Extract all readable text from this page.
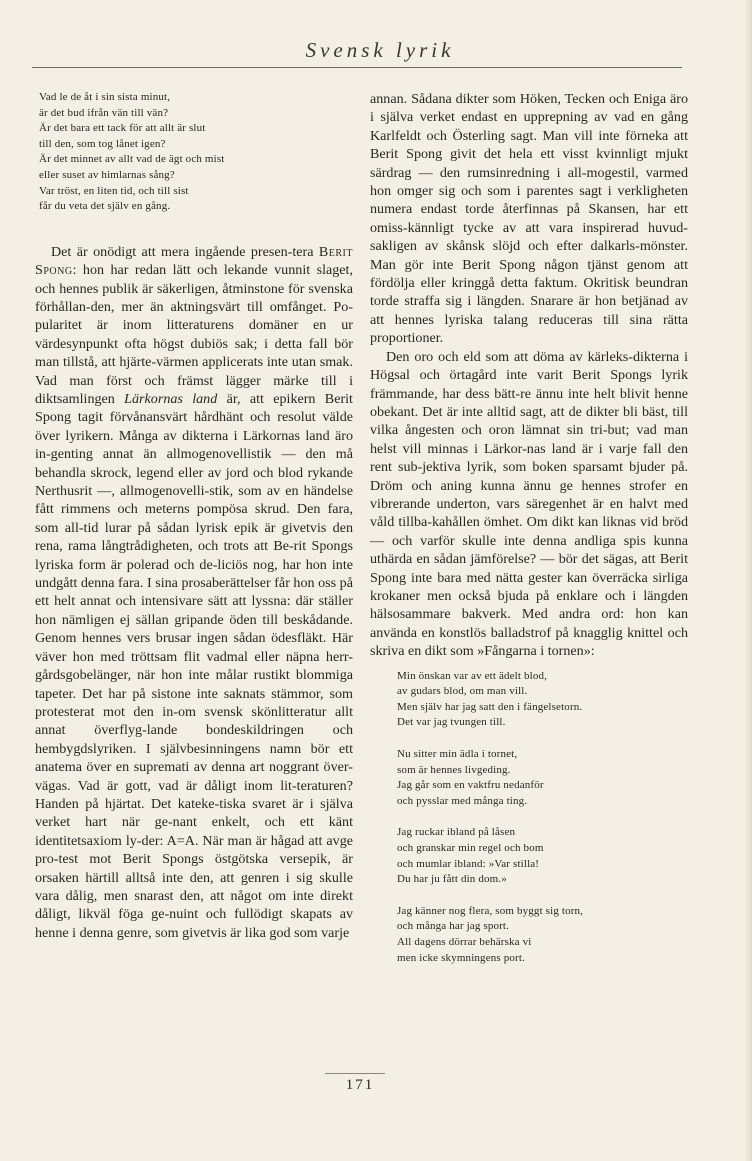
Svensk lyrik
Vad le de åt i sin sista minut,
är det bud ifrån vän till vän?
Är det bara ett tack för att allt är slut
till den, som tog lånet igen?
Är det minnet av allt vad de ägt och mist
eller suset av himlarnas sång?
Var tröst, en liten tid, och till sist
får du veta det själv en gång.

Det är onödigt att mera ingående presen-tera Berit Spong: hon har redan lätt och lekande vunnit slaget, och hennes publik är säkerligen, åtminstone för svenska förhållan-den, mer än aktningsvärt till omfånget. Po-pularitet är inom litteraturens domäner en ur värdesynpunkt ofta högst dubiös sak; i detta fall bör man tillstå, att hjärte-värmen applicerats inte utan smak. Vad man först och främst lägger märke till i diktsamlingen Lärkornas land är, att epikern Berit Spong tagit förvånansvärt hårdhänt och resolut välde över lyrikern. Många av dikterna i Lärkornas land äro in-genting annat än allmogenovellistik — den må behandla skrock, legend eller av jord och blod rykande Nerthusrit —, allmogenovelli-stik, som av en händelse fått rimmens och meterns pompösa skrud. Den fara, som all-tid lurar på sådan lyrisk epik är givetvis den rena, rama långtrådigheten, och trots att Be-rit Spongs lyriska form är polerad och de-liciös nog, har hon inte undgått denna fara. I sina prosaberättelser får hon oss på ett helt annat och intensivare sätt att lyssna: där ställer hon nämligen ej sällan gripande öden till beskådande. Genom hennes vers brusar ingen sådan ödesfläkt. Här väver hon med tröttsam flit vadmal eller näpna herr-gårdsgobelänger, när hon inte målar rustikt blommiga tapeter. Det har på sistone inte saknats stämmor, som protesterat mot den in-om svensk skönlitteratur allt annat överflyg-lande bondeskildringen och hembygdslyriken. I självbesinningens namn bör ett anatema över en supremati av denna art noggrant över-vägas. Vad är gott, vad är dåligt inom lit-teraturen? Handen på hjärtat. Det kateke-tiska svaret är i själva verket hart när ge-nant enkelt, och ett känt identitetsaxiom ly-der: A=A. När man är hågad att avge pro-test mot Berit Spongs östgötska versepik, är orsaken härtill alltså inte den, att genren i sig skulle vara dålig, men snarast den, att något om inte direkt dåligt, likväl föga ge-nuint och fullödigt skapats av henne i denna genre, som givetvis är lika god som varje

annan. Sådana dikter som Höken, Tecken och Eniga äro i själva verket endast en upprepning av vad en gång Karlfeldt och Österling sagt. Man vill inte förneka att Berit Spong givit det hela ett visst kvinnligt mjukt särdrag — den rumsinredning i all-mogestil, varmed hon omger sig och som i parentes sagt i verkligheten numera endast torde återfinnas på Skansen, har ett omiss-kännligt tycke av att vara inspirerad huvud-sakligen av skånsk slöjd och efter dalkarls-mönster. Man gör inte Berit Spong någon tjänst genom att fördölja eller kringgå detta faktum. Okritisk beundran torde straffa sig i längden. Snarare är hon betjänad av att hennes lyriska talang reduceras till sina rätta proportioner.

Den oro och eld som att döma av kärleks-dikterna i Högsal och örtagård inte varit Berit Spongs lyrik främmande, har dess bätt-re ännu inte helt blivit henne obekant. Det är inte alltid sagt, att de dikter bli bäst, till vilka ångesten och oron lämnat sin tri-but; vad man helst vill minnas i Lärkor-nas land är i varje fall den rent sub-jektiva lyrik, som boken sparsamt bjuder på. Dröm och aning kunna ännu ge hennes strofer en vibrerande underton, vars säregenhet är en halvt med våld tillba-kahållen ömhet. Om dikt kan liknas vid bröd — och varför skulle inte denna andliga spis kunna uthärda en sådan jämförelse? — bör det sägas, att Berit Spong inte bara med nätta gester kan överräcka sirliga krokaner men också bjuda på enklare och i längden hälsosammare bakverk. Med andra ord: hon kan använda en konstlös balladstrof på knagglig knittel och skriva en dikt som »Fångarna i tornen»:

Min önskan var av ett ädelt blod,
av gudars blod, om man vill.
Men själv har jag satt den i fängelsetorn.
Det var jag tvungen till.
Nu sitter min ädla i tornet,
som är hennes livgeding.
Jag går som en vaktfru nedanför
och pysslar med många ting.
Jag ruckar ibland på låsen
och granskar min regel och bom
och mumlar ibland: »Var stilla!
Du har ju fått din dom.»
Jag känner nog flera, som byggt sig torn,
och många har jag sport.
All dagens dörrar behärska vi
men icke skymningens port.
171
